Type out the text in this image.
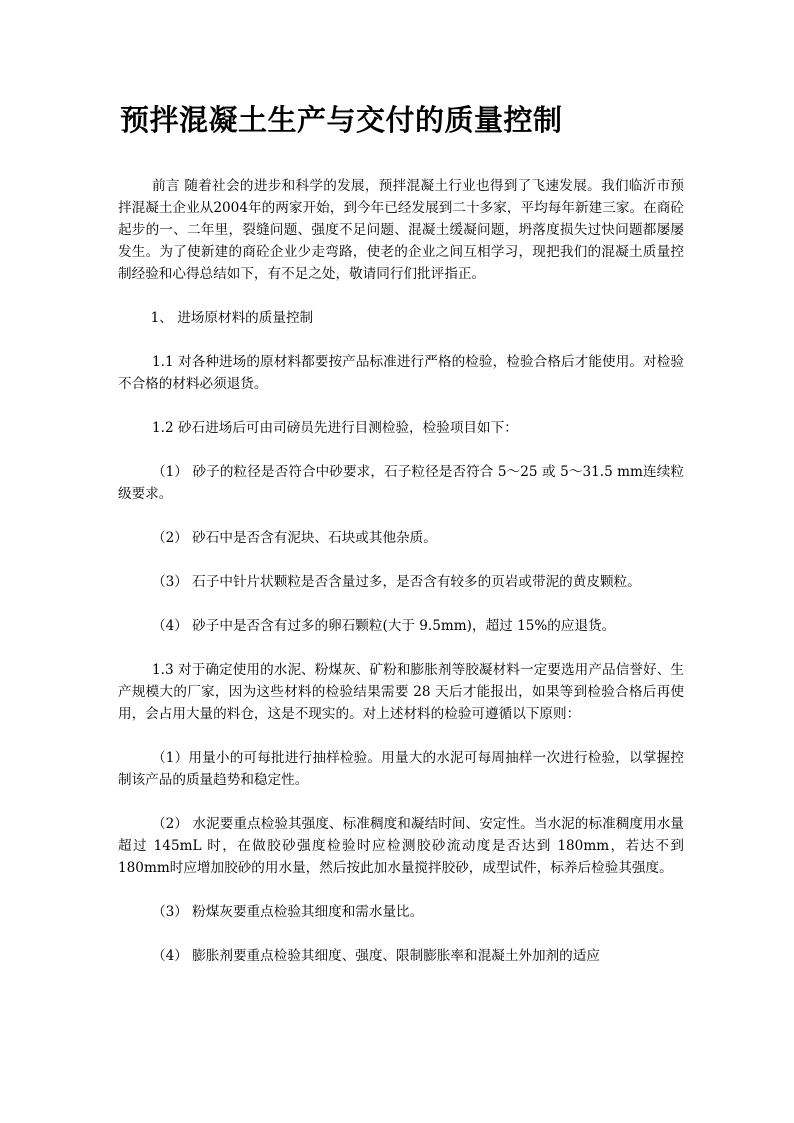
预拌混凝土生产与交付的质量控制

前言 随着社会的进步和科学的发展，预拌混凝土行业也得到了飞速发展。我们临沂市预拌混凝土企业从2004年的两家开始，到今年已经发展到二十多家，平均每年新建三家。在商砼起步的一、二年里，裂缝问题、强度不足问题、混凝土缓凝问题，坍落度损失过快问题都屡屡发生。为了使新建的商砼企业少走弯路，使老的企业之间互相学习，现把我们的混凝土质量控制经验和心得总结如下，有不足之处，敬请同行们批评指正。

1、 进场原材料的质量控制

1.1 对各种进场的原材料都要按产品标准进行严格的检验，检验合格后才能使用。对检验不合格的材料必须退货。

1.2 砂石进场后可由司磅员先进行目测检验，检验项目如下：

（1） 砂子的粒径是否符合中砂要求，石子粒径是否符合 5～25 或 5～31.5 mm连续粒级要求。

（2） 砂石中是否含有泥块、石块或其他杂质。

（3） 石子中针片状颗粒是否含量过多，是否含有较多的页岩或带泥的黄皮颗粒。

（4） 砂子中是否含有过多的卵石颗粒(大于 9.5mm)，超过 15%的应退货。

1.3 对于确定使用的水泥、粉煤灰、矿粉和膨胀剂等胶凝材料一定要选用产品信誉好、生产规模大的厂家，因为这些材料的检验结果需要 28 天后才能报出，如果等到检验合格后再使用，会占用大量的料仓，这是不现实的。对上述材料的检验可遵循以下原则：

（1）用量小的可每批进行抽样检验。用量大的水泥可每周抽样一次进行检验，以掌握控制该产品的质量趋势和稳定性。

（2） 水泥要重点检验其强度、标准稠度和凝结时间、安定性。当水泥的标准稠度用水量超过 145mL 时，在做胶砂强度检验时应检测胶砂流动度是否达到 180mm，若达不到 180mm时应增加胶砂的用水量，然后按此加水量搅拌胶砂，成型试件，标养后检验其强度。

（3） 粉煤灰要重点检验其细度和需水量比。

（4） 膨胀剂要重点检验其细度、强度、限制膨胀率和混凝土外加剂的适应
